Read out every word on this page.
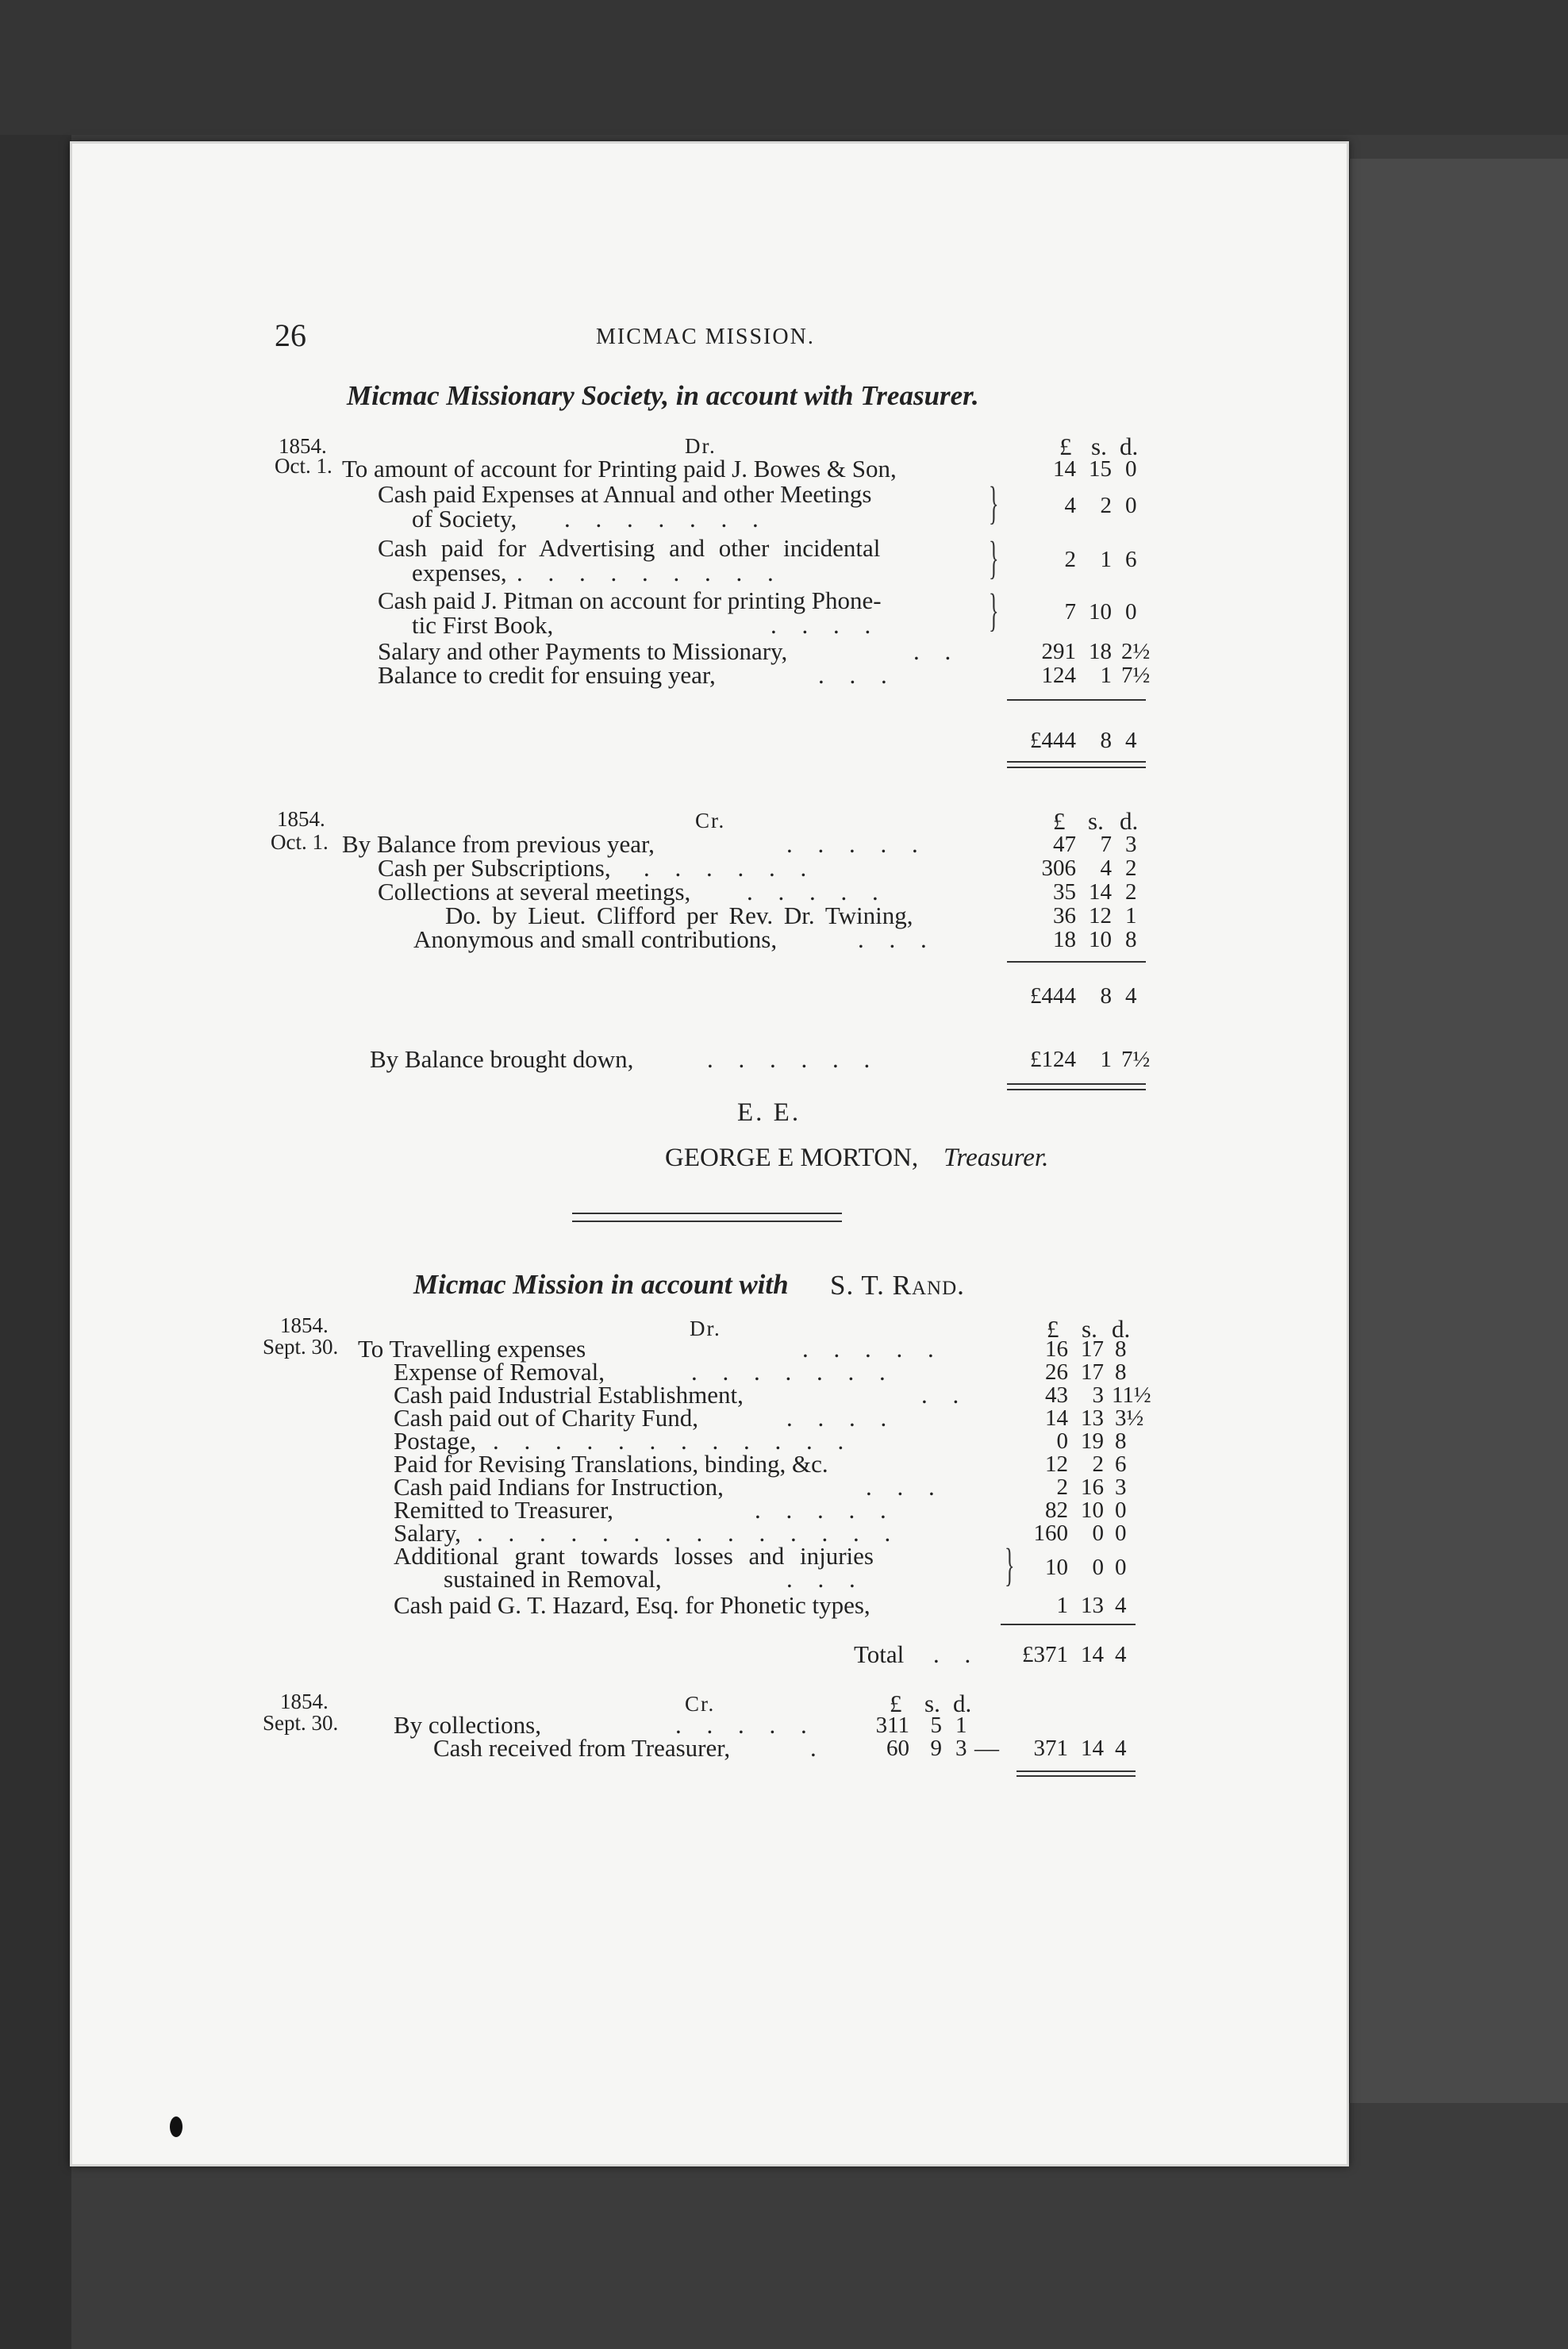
26	MICMAC MISSION.
Micmac Missionary Society, in account with Treasurer.
1854.
Oct. 1.
Dr.	£ s. d.
To amount of account for Printing paid J. Bowes & Son,	14 15 0
Cash paid Expenses at Annual and other Meetings
of Society, . . . . . . .	}	4	2 0
Cash paid for Advertising and other incidental
expenses, . . . . . . . . .	}	2	1 6
Cash paid J. Pitman on account for printing Phone-
tic First Book,	. . . . }	7 10 0
Salary and other Payments to Missionary,	. .	291 18 2½
Balance to credit for ensuing year,	. . .	124	1 7½
£444	8 4
1854.
Oct. 1.
Cr.	£ s. d.
By Balance from previous year,	. . . . .	47	7 3
Cash per Subscriptions, . . . . . .	306	4 2
Collections at several meetings, . . . . .	35 14 2
Do. by Lieut. Clifford per Rev. Dr. Twining,	36 12 1
Anonymous and small contributions,	. . .	18 10 8
£444	8 4
By Balance brought down,	. . . . . .	£124	1 7½
E. E.
GEORGE E MORTON, Treasurer.
Micmac Mission in account with S. T. Rand.
1854.
Sept. 30.
Dr.	£ s. d.
To Travelling expenses	. . . . .	16 17 8
Expense of Removal,	. . . . . . .	26 17 8
Cash paid Industrial Establishment,	. .	43	3 11½
Cash paid out of Charity Fund,	. . . .	14 13 3½
Postage, . . . . . . . . . . . .	0 19 8
Paid for Revising Translations, binding, &c.	12	2 6
Cash paid Indians for Instruction,	. . .	2 16 3
Remitted to Treasurer,	. . . . .	82 10 0
Salary, . . . . . . . . . . . . . .	160	0 0
Additional grant towards losses and injuries
sustained in Removal,	. . .	}	10	0 0
Cash paid G. T. Hazard, Esq. for Phonetic types,	1 13 4
Total . .	£371 14 4
1854.
Sept. 30.
Cr.	£ s. d.
By collections,	. . . . .	311 5 1
Cash received from Treasurer,	.	60 9 3 —	371 14 4
